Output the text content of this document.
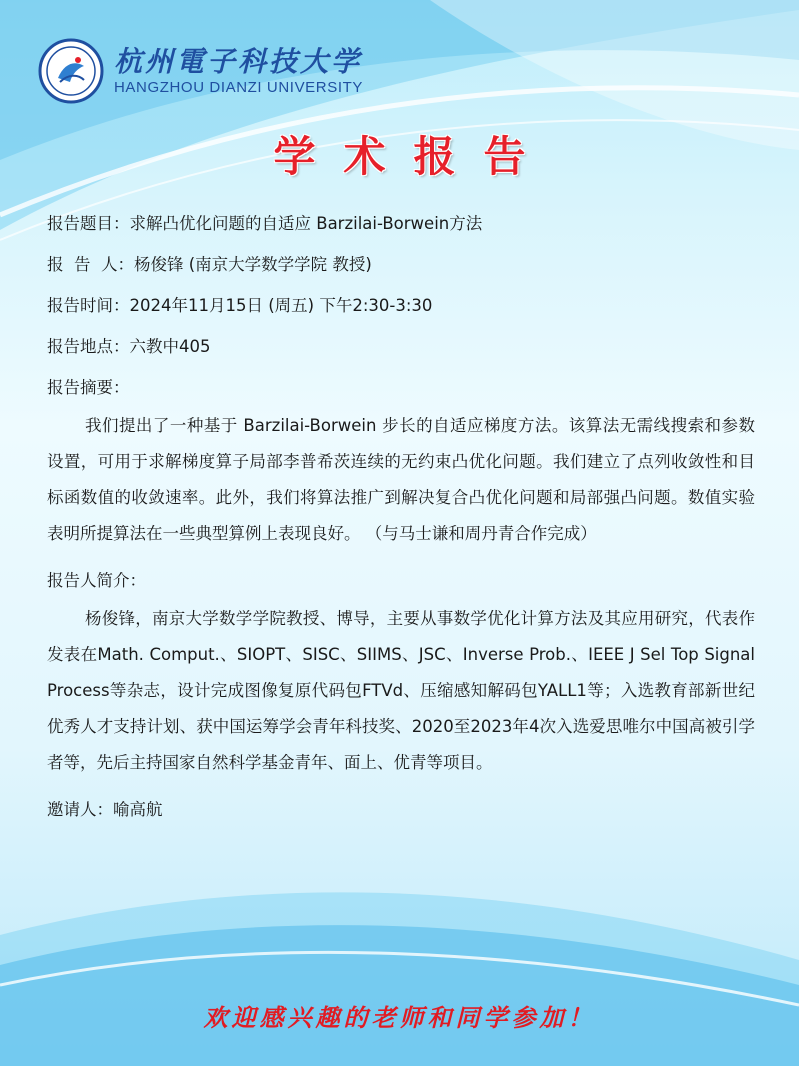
杭州電子科技大学
HANGZHOU DIANZI UNIVERSITY
学术报告
报告题目：求解凸优化问题的自适应 Barzilai-Borwein方法
报  告  人：杨俊锋 (南京大学数学学院 教授)
报告时间：2024年11月15日 (周五) 下午2:30-3:30
报告地点：六教中405
报告摘要：

我们提出了一种基于 Barzilai-Borwein 步长的自适应梯度方法。该算法无需线搜索和参数设置，可用于求解梯度算子局部李普希茨连续的无约束凸优化问题。我们建立了点列收敛性和目标函数值的收敛速率。此外，我们将算法推广到解决复合凸优化问题和局部强凸问题。数值实验表明所提算法在一些典型算例上表现良好。 （与马士谦和周丹青合作完成）

报告人简介：

杨俊锋，南京大学数学学院教授、博导，主要从事数学优化计算方法及其应用研究，代表作发表在Math. Comput.、SIOPT、SISC、SIIMS、JSC、Inverse Prob.、IEEE J Sel Top Signal Process等杂志，设计完成图像复原代码包FTVd、压缩感知解码包YALL1等；入选教育部新世纪优秀人才支持计划、获中国运筹学会青年科技奖、2020至2023年4次入选爱思唯尔中国高被引学者等，先后主持国家自然科学基金青年、面上、优青等项目。

邀请人：喻高航
欢迎感兴趣的老师和同学参加！
